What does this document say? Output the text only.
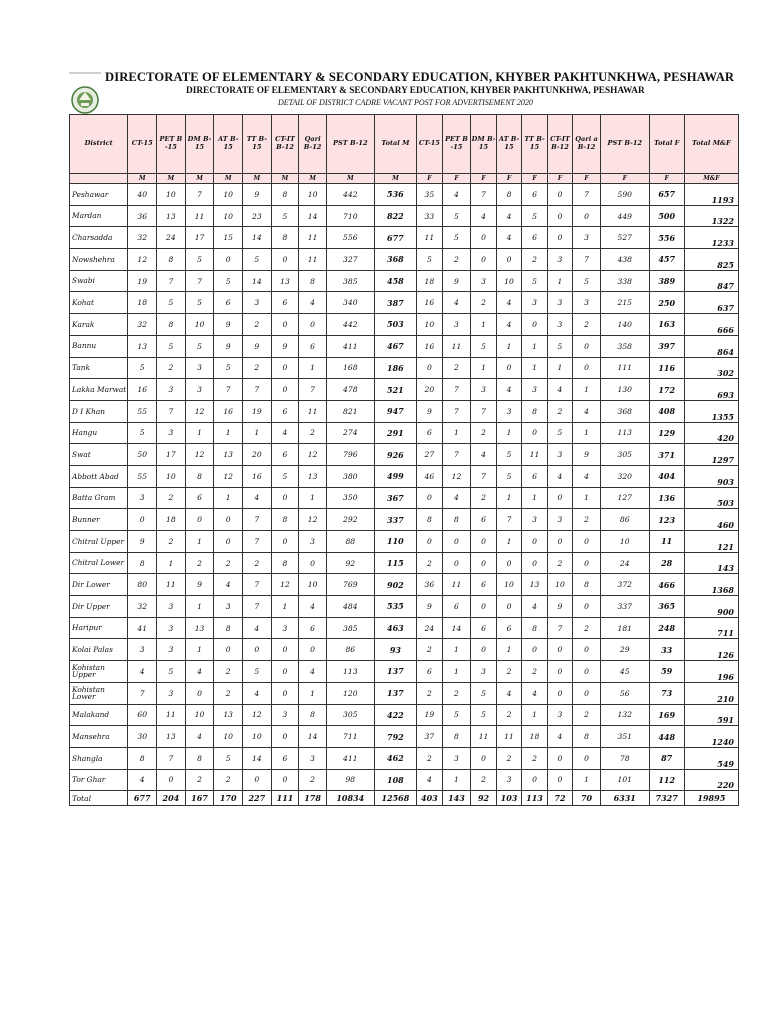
DIRECTORATE OF ELEMENTARY & SECONDARY EDUCATION, KHYBER PAKHTUNKHWA, PESHAWAR
DIRECTORATE OF ELEMENTARY & SECONDARY EDUCATION, KHYBER PAKHTUNKHWA, PESHAWAR
DETAIL OF DISTRICT CADRE VACANT POST FOR ADVERTISEMENT 2020
District	CT-15	PET B -15	DM B-15	AT B-15	TT B-15	CT-IT B-12	Qari B-12	PST B-12	Total M	CT-15	PET B -15	DM B-15	AT B-15	TT B-15	CT-IT B-12	Qari a B-12	PST B-12	Total F	Total M&F
	M	M	M	M	M	M	M	M	M	F	F	F	F	F	F	F	F	F	M&F
Peshawar	40	10	7	10	9	8	10	442	536	35	4	7	8	6	0	7	590	657	1193
Mardan	36	13	11	10	23	5	14	710	822	33	5	4	4	5	0	0	449	500	1322
Charsadda	32	24	17	15	14	8	11	556	677	11	5	0	4	6	0	3	527	556	1233
Nowshehra	12	8	5	0	5	0	11	327	368	5	2	0	0	2	3	7	438	457	825
Swabi	19	7	7	5	14	13	8	385	458	18	9	3	10	5	1	5	338	389	847
Kohat	18	5	5	6	3	6	4	340	387	16	4	2	4	3	3	3	215	250	637
Karak	32	8	10	9	2	0	0	442	503	10	3	1	4	0	3	2	140	163	666
Bannu	13	5	5	9	9	9	6	411	467	16	11	5	1	1	5	0	358	397	864
Tank	5	2	3	5	2	0	1	168	186	0	2	1	0	1	1	0	111	116	302
Lakka Marwat	16	3	3	7	7	0	7	478	521	20	7	3	4	3	4	1	130	172	693
D I Khan	55	7	12	16	19	6	11	821	947	9	7	7	3	8	2	4	368	408	1355
Hangu	5	3	1	1	1	4	2	274	291	6	1	2	1	0	5	1	113	129	420
Swat	50	17	12	13	20	6	12	796	926	27	7	4	5	11	3	9	305	371	1297
Abbott Abad	55	10	8	12	16	5	13	380	499	46	12	7	5	6	4	4	320	404	903
Batta Gram	3	2	6	1	4	0	1	350	367	0	4	2	1	1	0	1	127	136	503
Bunner	0	18	0	0	7	8	12	292	337	8	8	6	7	3	3	2	86	123	460
Chitral Upper	9	2	1	0	7	0	3	88	110	0	0	0	1	0	0	0	10	11	121
Chitral Lower	8	1	2	2	2	8	0	92	115	2	0	0	0	0	2	0	24	28	143
Dir Lower	80	11	9	4	7	12	10	769	902	36	11	6	10	13	10	8	372	466	1368
Dir Upper	32	3	1	3	7	1	4	484	535	9	6	0	0	4	9	0	337	365	900
Haripur	41	3	13	8	4	3	6	385	463	24	14	6	6	8	7	2	181	248	711
Kolai Palas	3	3	1	0	0	0	0	86	93	2	1	0	1	0	0	0	29	33	126
Kohistan Upper	4	5	4	2	5	0	4	113	137	6	1	3	2	2	0	0	45	59	196
Kohistan Lower	7	3	0	2	4	0	1	120	137	2	2	5	4	4	0	0	56	73	210
Malakand	60	11	10	13	12	3	8	305	422	19	5	5	2	1	3	2	132	169	591
Mansehra	30	13	4	10	10	0	14	711	792	37	8	11	11	18	4	8	351	448	1240
Shangla	8	7	8	5	14	6	3	411	462	2	3	0	2	2	0	0	78	87	549
Tor Ghar	4	0	2	2	0	0	2	98	108	4	1	2	3	0	0	1	101	112	220
Total	677	204	167	170	227	111	178	10834	12568	403	143	92	103	113	72	70	6331	7327	19895
